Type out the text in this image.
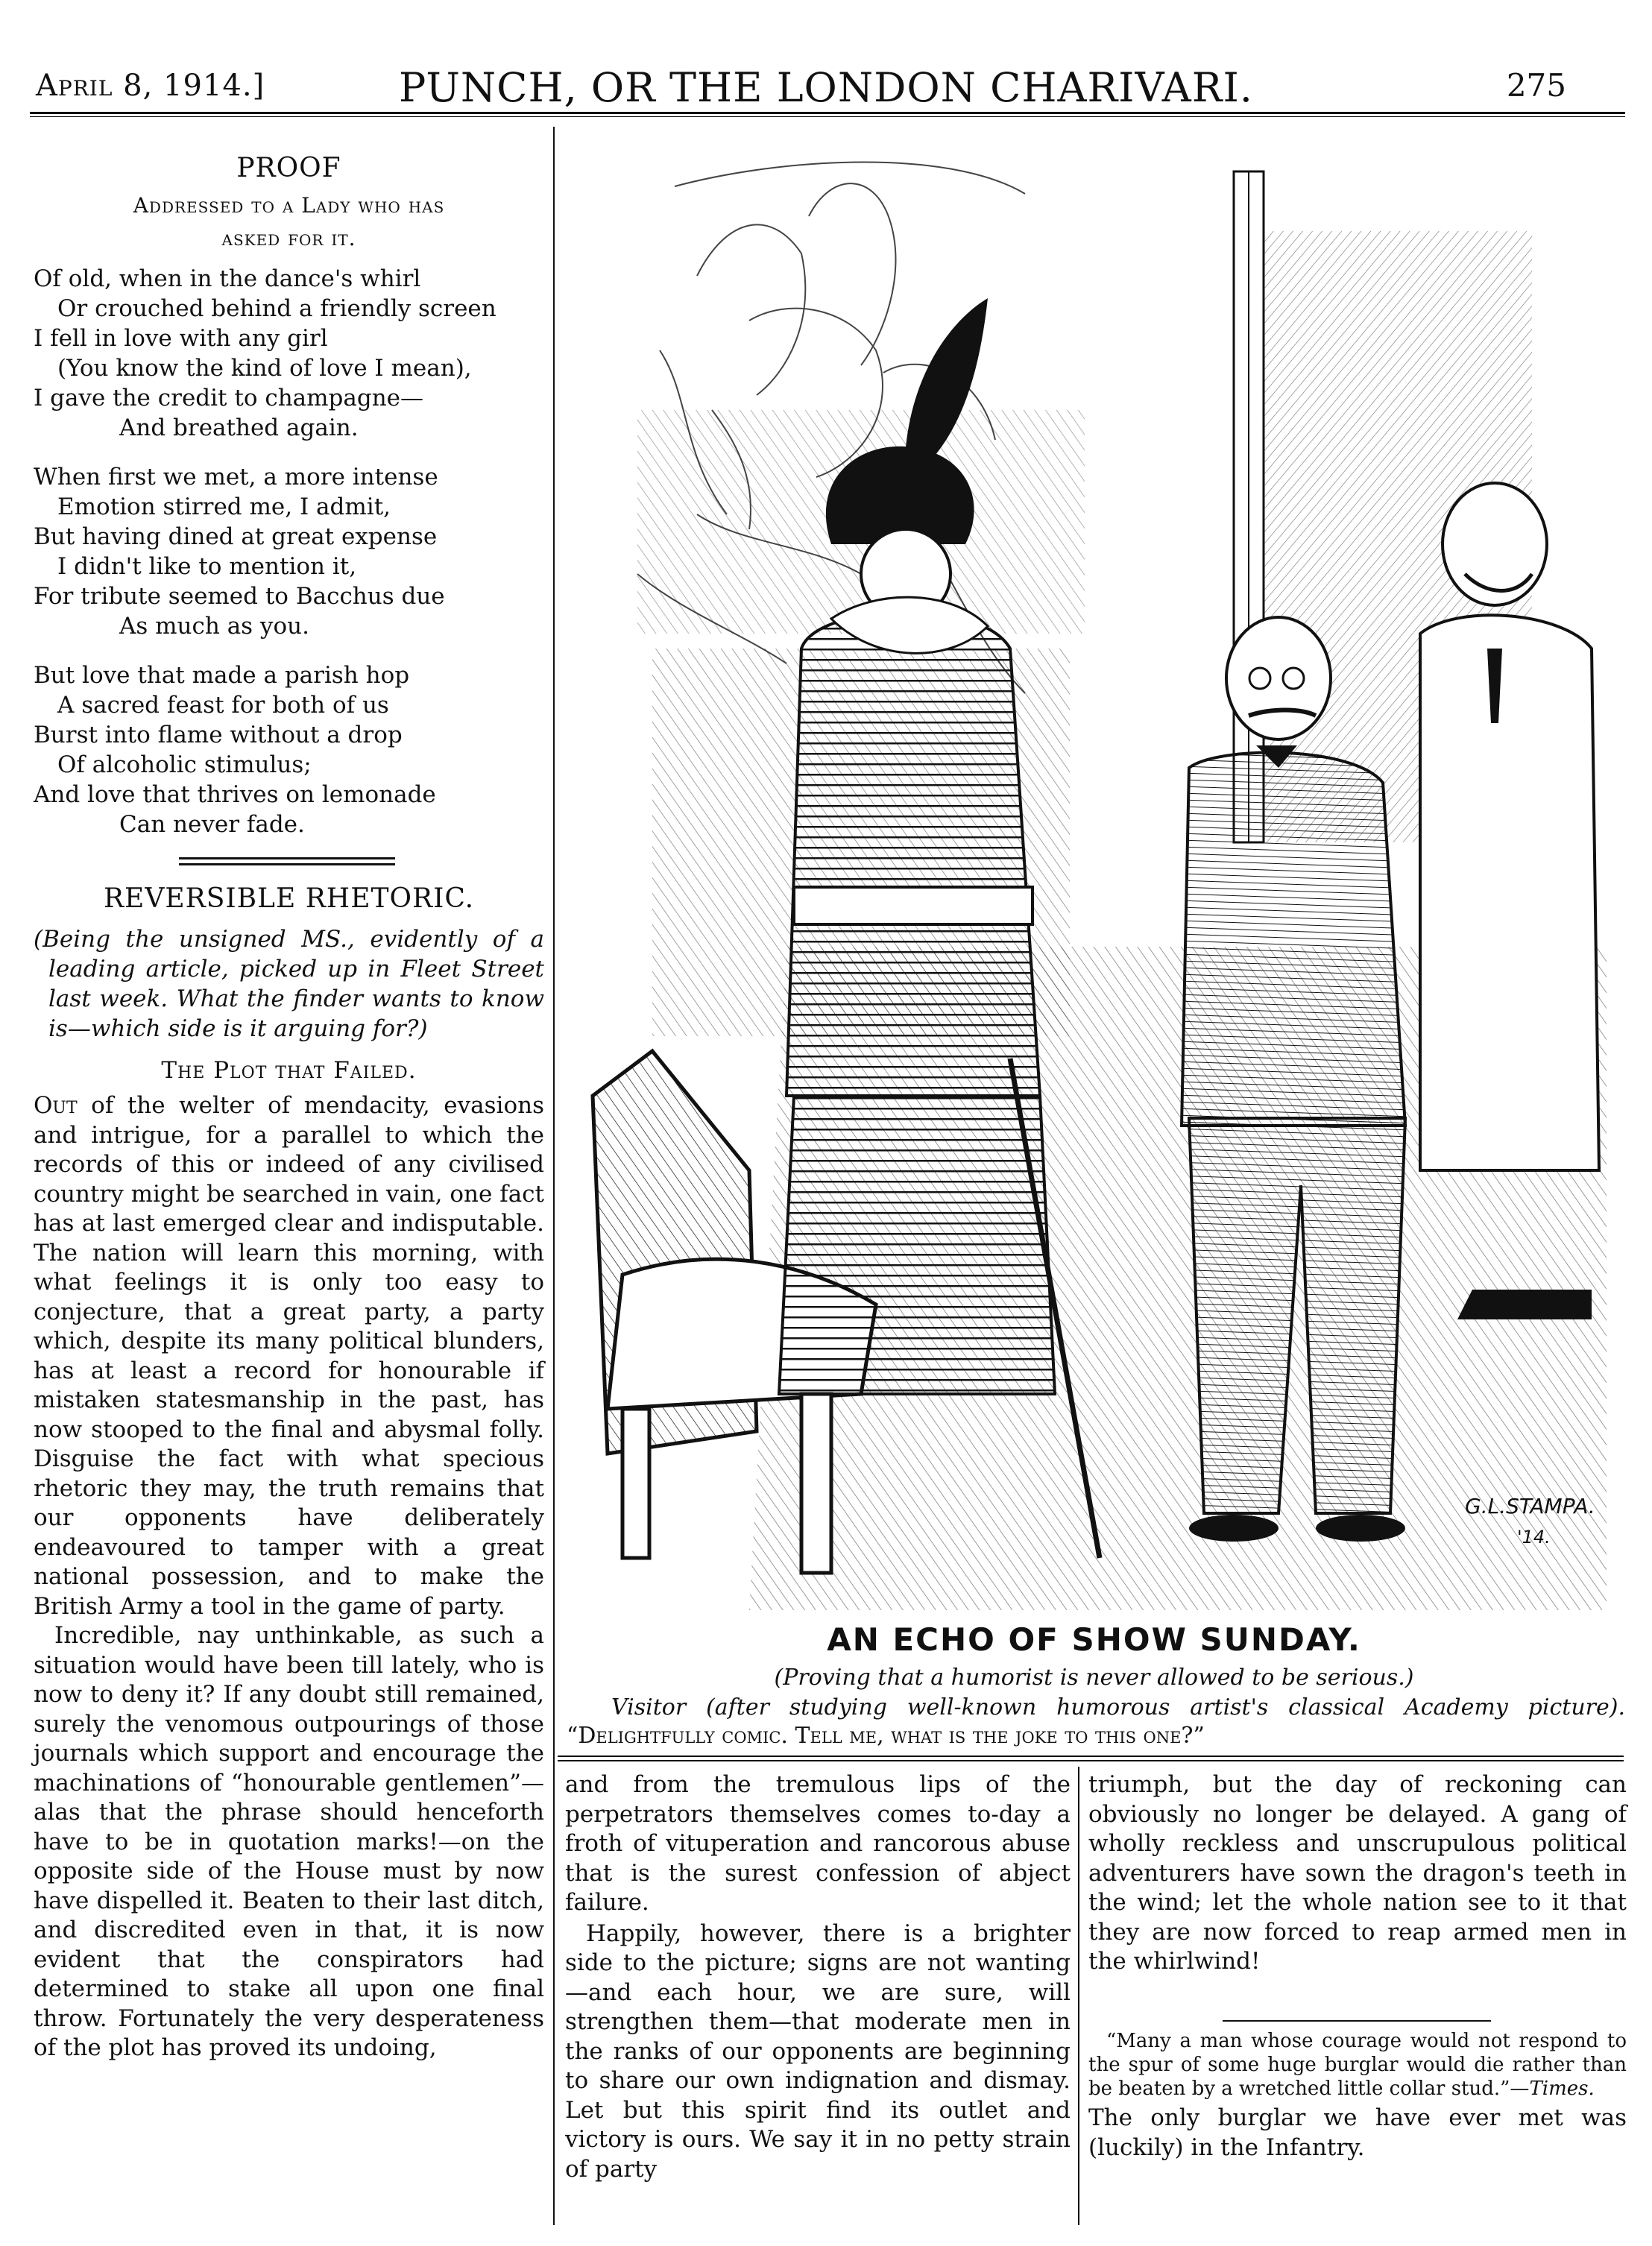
April 8, 1914.]	PUNCH, OR THE LONDON CHARIVARI.	275
PROOF
Addressed to a Lady who has
asked for it.
Of old, when in the dance's whirl
Or crouched behind a friendly screen
I fell in love with any girl
(You know the kind of love I mean),
I gave the credit to champagne—
And breathed again.
When first we met, a more intense
Emotion stirred me, I admit,
But having dined at great expense
I didn't like to mention it,
For tribute seemed to Bacchus due
As much as you.
But love that made a parish hop
A sacred feast for both of us
Burst into flame without a drop
Of alcoholic stimulus;
And love that thrives on lemonade
Can never fade.
REVERSIBLE RHETORIC.
(Being the unsigned MS., evidently of a leading article, picked up in Fleet Street last week. What the finder wants to know is—which side is it arguing for?)
The Plot that Failed.
Out of the welter of mendacity, evasions and intrigue, for a parallel to which the records of this or indeed of any civilised country might be searched in vain, one fact has at last emerged clear and indisputable. The nation will learn this morning, with what feelings it is only too easy to conjecture, that a great party, a party which, despite its many political blunders, has at least a record for honourable if mistaken statesmanship in the past, has now stooped to the final and abysmal folly. Disguise the fact with what specious rhetoric they may, the truth remains that our opponents have deliberately endeavoured to tamper with a great national possession, and to make the British Army a tool in the game of party.

Incredible, nay unthinkable, as such a situation would have been till lately, who is now to deny it? If any doubt still remained, surely the venomous outpourings of those journals which support and encourage the machinations of “honourable gentlemen”—alas that the phrase should henceforth have to be in quotation marks!—on the opposite side of the House must by now have dispelled it. Beaten to their last ditch, and discredited even in that, it is now evident that the conspirators had determined to stake all upon one final throw. Fortunately the very desperateness of the plot has proved its undoing,

G.L.STAMPA.
'14.
AN ECHO OF SHOW SUNDAY.
(Proving that a humorist is never allowed to be serious.)
Visitor (after studying well-known humorous artist's classical Academy picture). “Delightfully comic. Tell me, what is the joke to this one?”
and from the tremulous lips of the perpetrators themselves comes to-day a froth of vituperation and rancorous abuse that is the surest confession of abject failure.

Happily, however, there is a brighter side to the picture; signs are not wanting—and each hour, we are sure, will strengthen them—that moderate men in the ranks of our opponents are beginning to share our own indignation and dismay. Let but this spirit find its outlet and victory is ours. We say it in no petty strain of party

triumph, but the day of reckoning can obviously no longer be delayed. A gang of wholly reckless and unscrupulous political adventurers have sown the dragon's teeth in the wind; let the whole nation see to it that they are now forced to reap armed men in the whirlwind!
“Many a man whose courage would not respond to the spur of some huge burglar would die rather than be beaten by a wretched little collar stud.”—Times.
The only burglar we have ever met was (luckily) in the Infantry.
